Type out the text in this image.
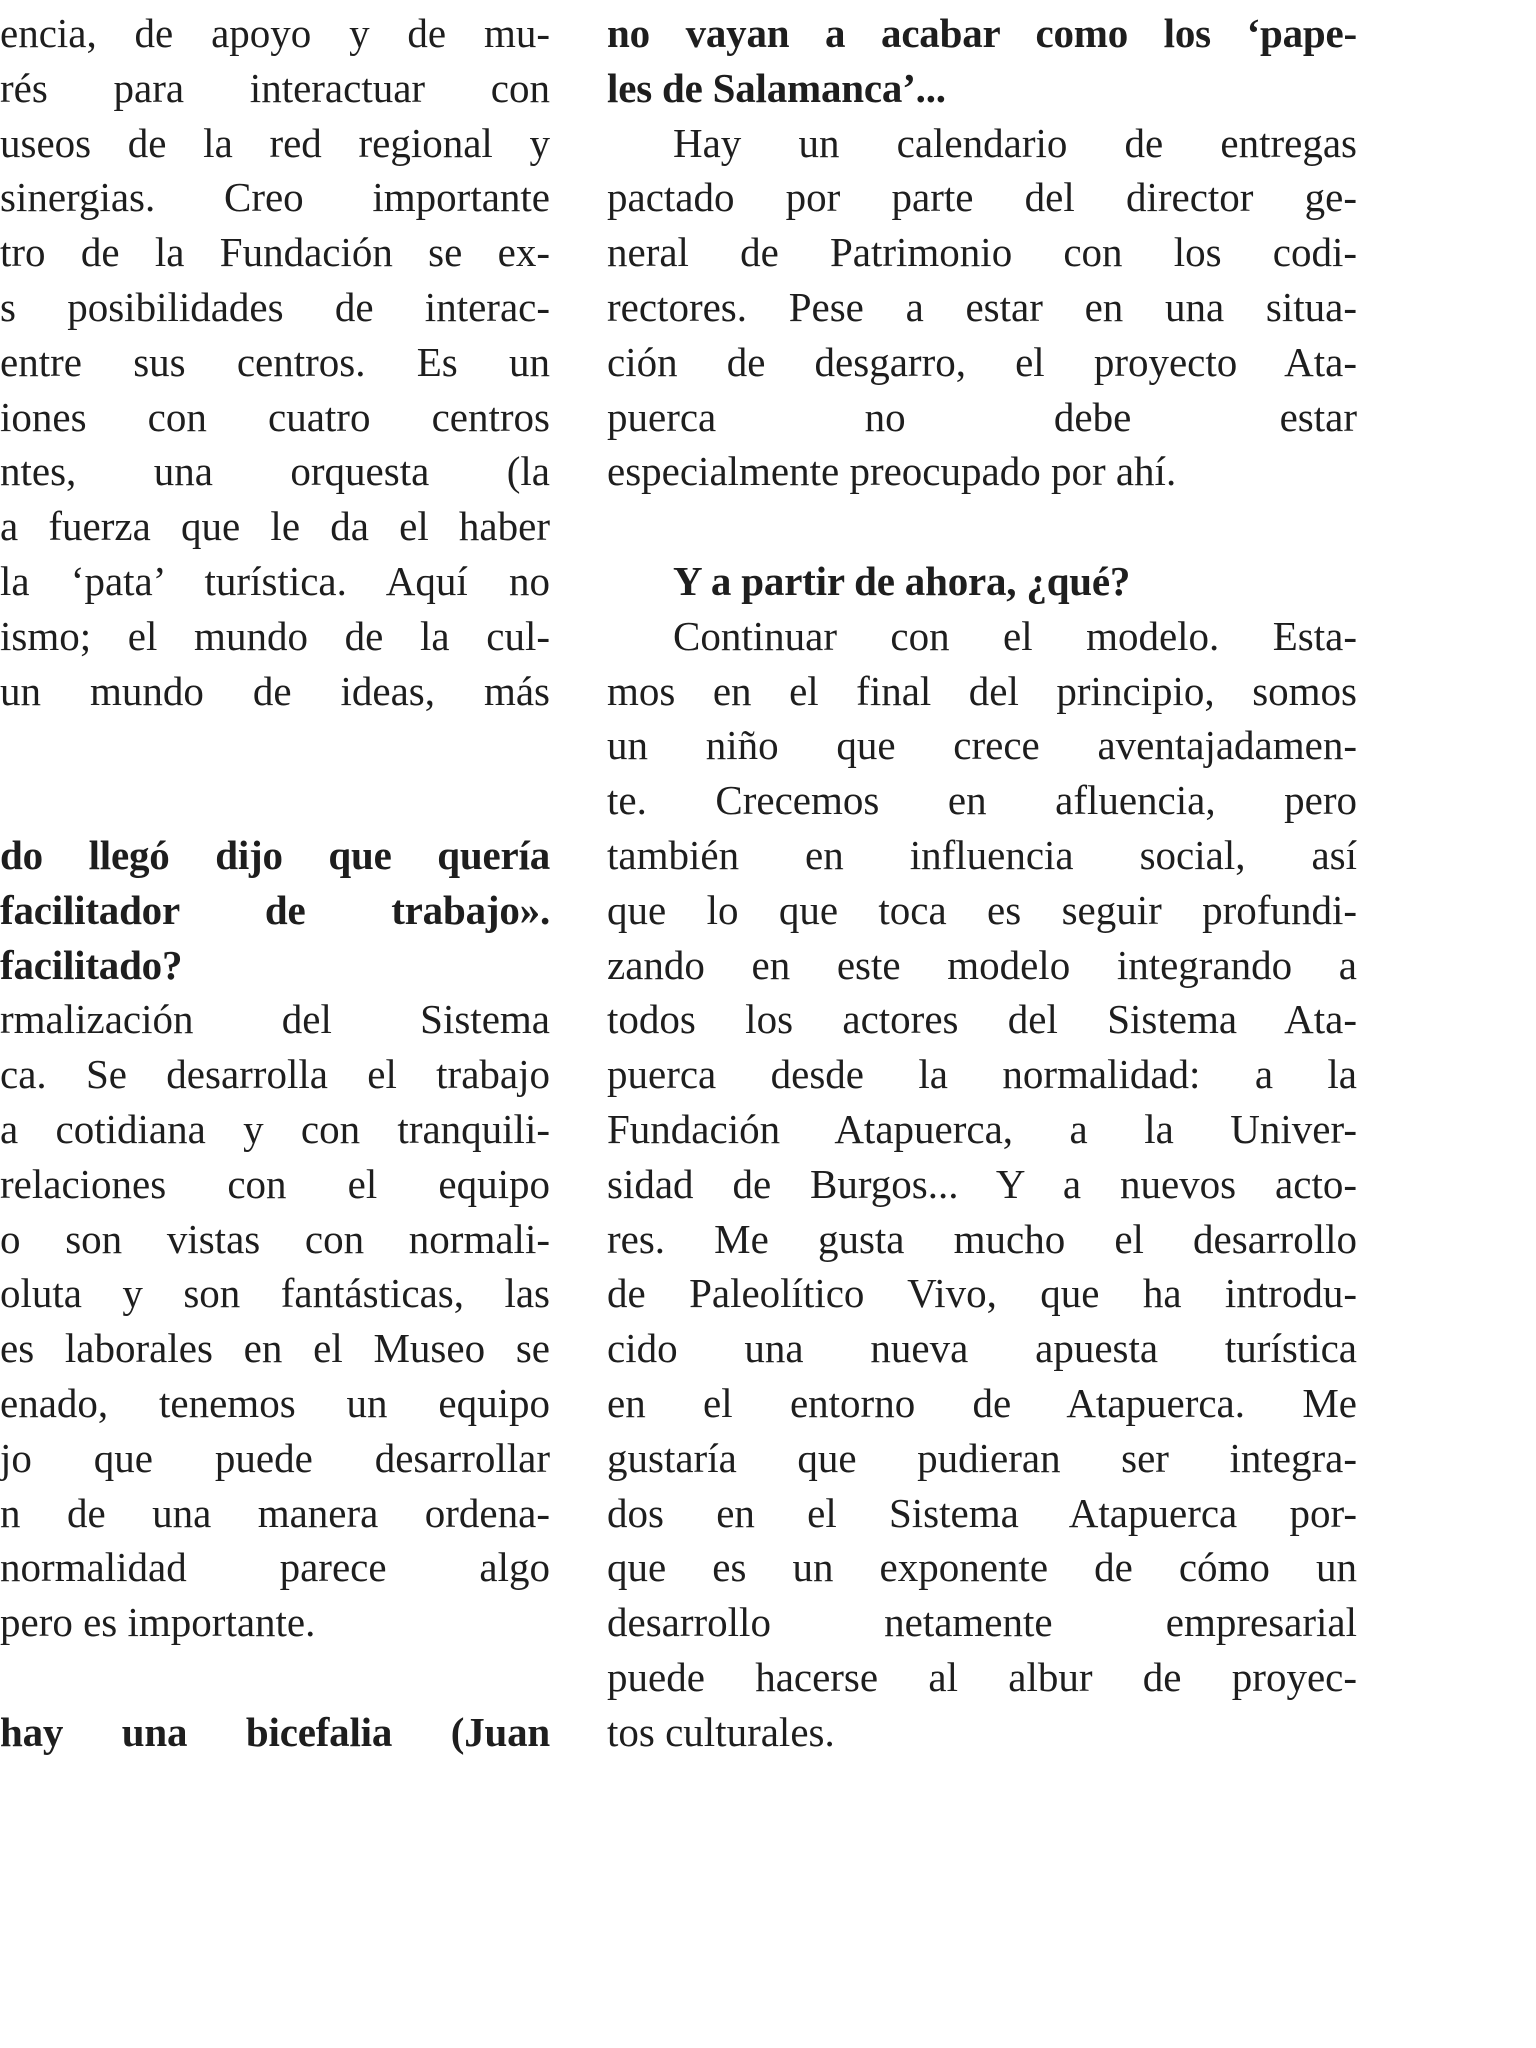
encia, de apoyo y de mu-
rés para interactuar con
useos de la red regional y
sinergias. Creo importante
tro de la Fundación se ex-
s posibilidades de interac-
entre sus centros. Es un
iones con cuatro centros
ntes, una orquesta (la
a fuerza que le da el haber
la ‘pata’ turística. Aquí no
ismo; el mundo de la cul-
un mundo de ideas, más
do llegó dijo que quería
facilitador de trabajo».
facilitado?
rmalización del Sistema
ca. Se desarrolla el trabajo
a cotidiana y con tranquili-
relaciones con el equipo
o son vistas con normali-
oluta y son fantásticas, las
es laborales en el Museo se
enado, tenemos un equipo
jo que puede desarrollar
n de una manera ordena-
normalidad parece algo
pero es importante.
hay una bicefalia (Juan
no vayan a acabar como los ‘pape-
les de Salamanca’...
Hay un calendario de entregas
pactado por parte del director ge-
neral de Patrimonio con los codi-
rectores. Pese a estar en una situa-
ción de desgarro, el proyecto Ata-
puerca no debe estar
especialmente preocupado por ahí.
Y a partir de ahora, ¿qué?
Continuar con el modelo. Esta-
mos en el final del principio, somos
un niño que crece aventajadamen-
te. Crecemos en afluencia, pero
también en influencia social, así
que lo que toca es seguir profundi-
zando en este modelo integrando a
todos los actores del Sistema Ata-
puerca desde la normalidad: a la
Fundación Atapuerca, a la Univer-
sidad de Burgos... Y a nuevos acto-
res. Me gusta mucho el desarrollo
de Paleolítico Vivo, que ha introdu-
cido una nueva apuesta turística
en el entorno de Atapuerca. Me
gustaría que pudieran ser integra-
dos en el Sistema Atapuerca por-
que es un exponente de cómo un
desarrollo netamente empresarial
puede hacerse al albur de proyec-
tos culturales.
